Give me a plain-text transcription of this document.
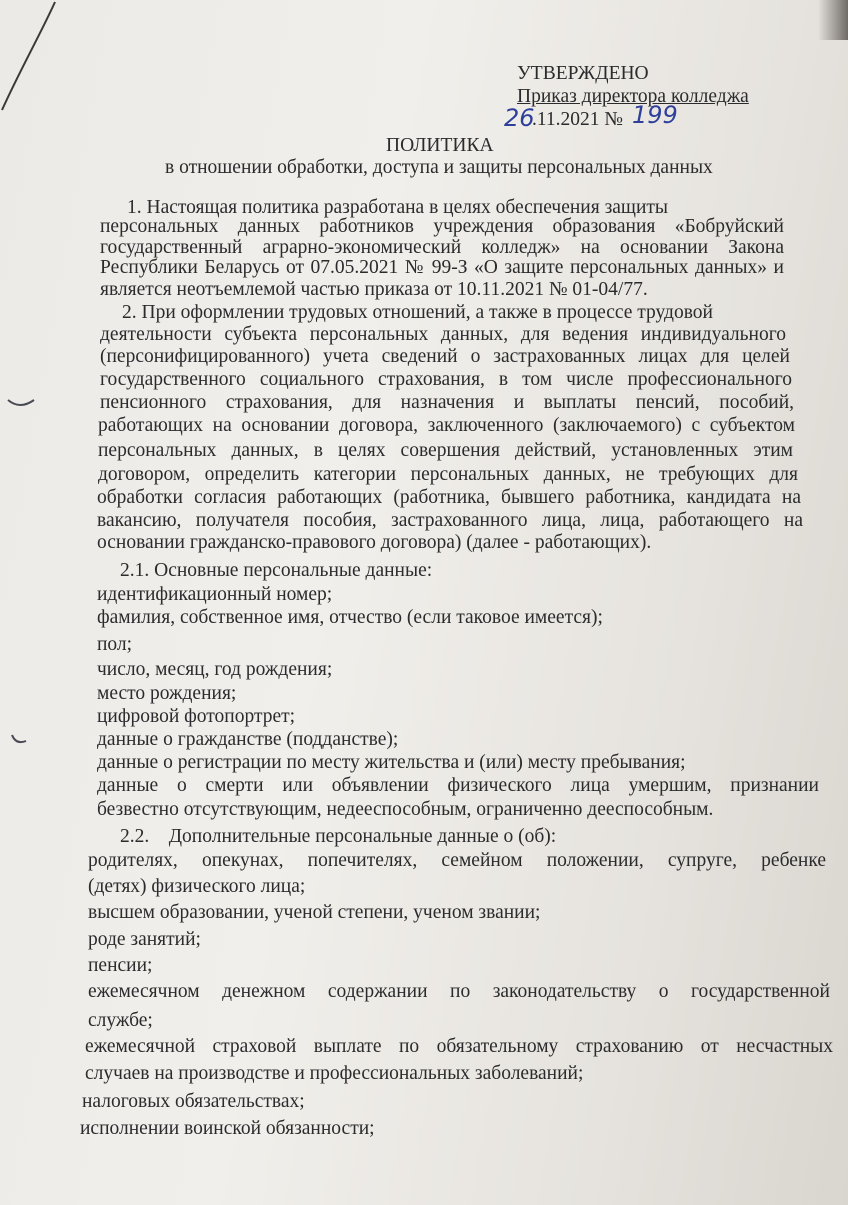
УТВЕРЖДЕНО

Приказ директора колледжа

26

.11.2021 № 199

ПОЛИТИКА

в отношении обработки, доступа и защиты персональных данных

1. Настоящая политика разработана в целях обеспечения защиты

персональных данных работников учреждения образования «Бобруйский

государственный аграрно-экономический колледж» на основании Закона

Республики Беларусь от 07.05.2021 № 99-З «О защите персональных данных» и

является неотъемлемой частью приказа от 10.11.2021 № 01-04/77.

2. При оформлении трудовых отношений, а также в процессе трудовой

деятельности субъекта персональных данных, для ведения индивидуального

(персонифицированного) учета сведений о застрахованных лицах для целей

государственного социального страхования, в том числе профессионального

пенсионного страхования, для назначения и выплаты пенсий, пособий,

работающих на основании договора, заключенного (заключаемого) с субъектом

персональных данных, в целях совершения действий, установленных этим

договором, определить категории персональных данных, не требующих для

обработки согласия работающих (работника, бывшего работника, кандидата на

вакансию, получателя пособия, застрахованного лица, лица, работающего на

основании гражданско-правового договора) (далее - работающих).

2.1. Основные персональные данные:

идентификационный номер;

фамилия, собственное имя, отчество (если таковое имеется);

пол;

число, месяц, год рождения;

место рождения;

цифровой фотопортрет;

данные о гражданстве (подданстве);

данные о регистрации по месту жительства и (или) месту пребывания;

данные о смерти или объявлении физического лица умершим, признании

безвестно отсутствующим, недееспособным, ограниченно дееспособным.

2.2.    Дополнительные персональные данные о (об):

родителях, опекунах, попечителях, семейном положении, супруге, ребенке

(детях) физического лица;

высшем образовании, ученой степени, ученом звании;

роде занятий;

пенсии;

ежемесячном денежном содержании по законодательству о государственной

службе;

ежемесячной страховой выплате по обязательному страхованию от несчастных

случаев на производстве и профессиональных заболеваний;

налоговых обязательствах;

исполнении воинской обязанности;
